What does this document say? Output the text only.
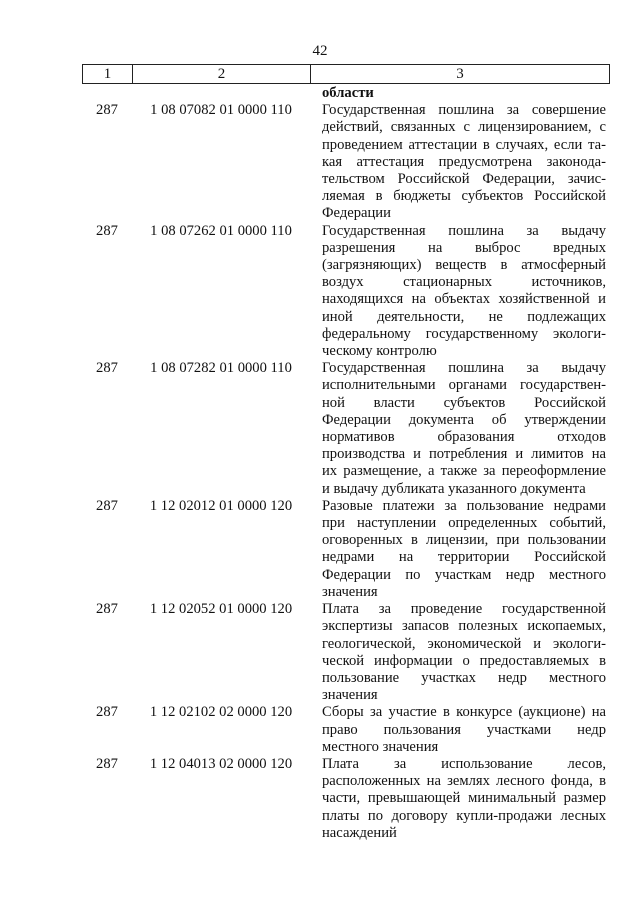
42
1	2	3
области
287	1 08 07082 01 0000 110	Государственная пошлина за совершение
действий, связанных с лицензированием, с
проведением аттестации в случаях, если та-
кая аттестация предусмотрена законода-
тельством Российской Федерации, зачис-
ляемая в бюджеты субъектов Российской
Федерации
287	1 08 07262 01 0000 110	Государственная пошлина за выдачу
разрешения на выброс вредных
(загрязняющих) веществ в атмосферный
воздух стационарных источников,
находящихся на объектах хозяйственной и
иной деятельности, не подлежащих
федеральному государственному экологи-
ческому контролю
287	1 08 07282 01 0000 110	Государственная пошлина за выдачу
исполнительными органами государствен-
ной власти субъектов Российской
Федерации документа об утверждении
нормативов образования отходов
производства и потребления и лимитов на
их размещение, а также за переоформление
и выдачу дубликата указанного документа
287	1 12 02012 01 0000 120	Разовые платежи за пользование недрами
при наступлении определенных событий,
оговоренных в лицензии, при пользовании
недрами на территории Российской
Федерации по участкам недр местного
значения
287	1 12 02052 01 0000 120	Плата за проведение государственной
экспертизы запасов полезных ископаемых,
геологической, экономической и экологи-
ческой информации о предоставляемых в
пользование участках недр местного
значения
287	1 12 02102 02 0000 120	Сборы за участие в конкурсе (аукционе) на
право пользования участками недр
местного значения
287	1 12 04013 02 0000 120	Плата за использование лесов,
расположенных на землях лесного фонда, в
части, превышающей минимальный размер
платы по договору купли-продажи лесных
насаждений
